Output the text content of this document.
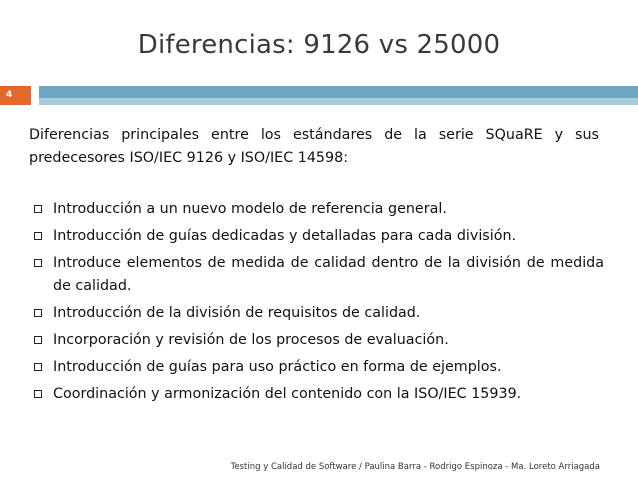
Diferencias: 9126 vs 25000
4
Diferencias principales entre los estándares de la serie SQuaRE y sus predecesores ISO/IEC 9126 y ISO/IEC 14598:
Introducción a un nuevo modelo de referencia general.
Introducción de guías dedicadas y detalladas para cada división.
Introduce elementos de medida de calidad dentro de la división de medida de calidad.
Introducción de la división de requisitos de calidad.
Incorporación y revisión de los procesos de evaluación.
Introducción de guías para uso práctico en forma de ejemplos.
Coordinación y armonización del contenido con la ISO/IEC 15939.
Testing y Calidad de Software / Paulina Barra - Rodrigo Espinoza - Ma. Loreto Arriagada
